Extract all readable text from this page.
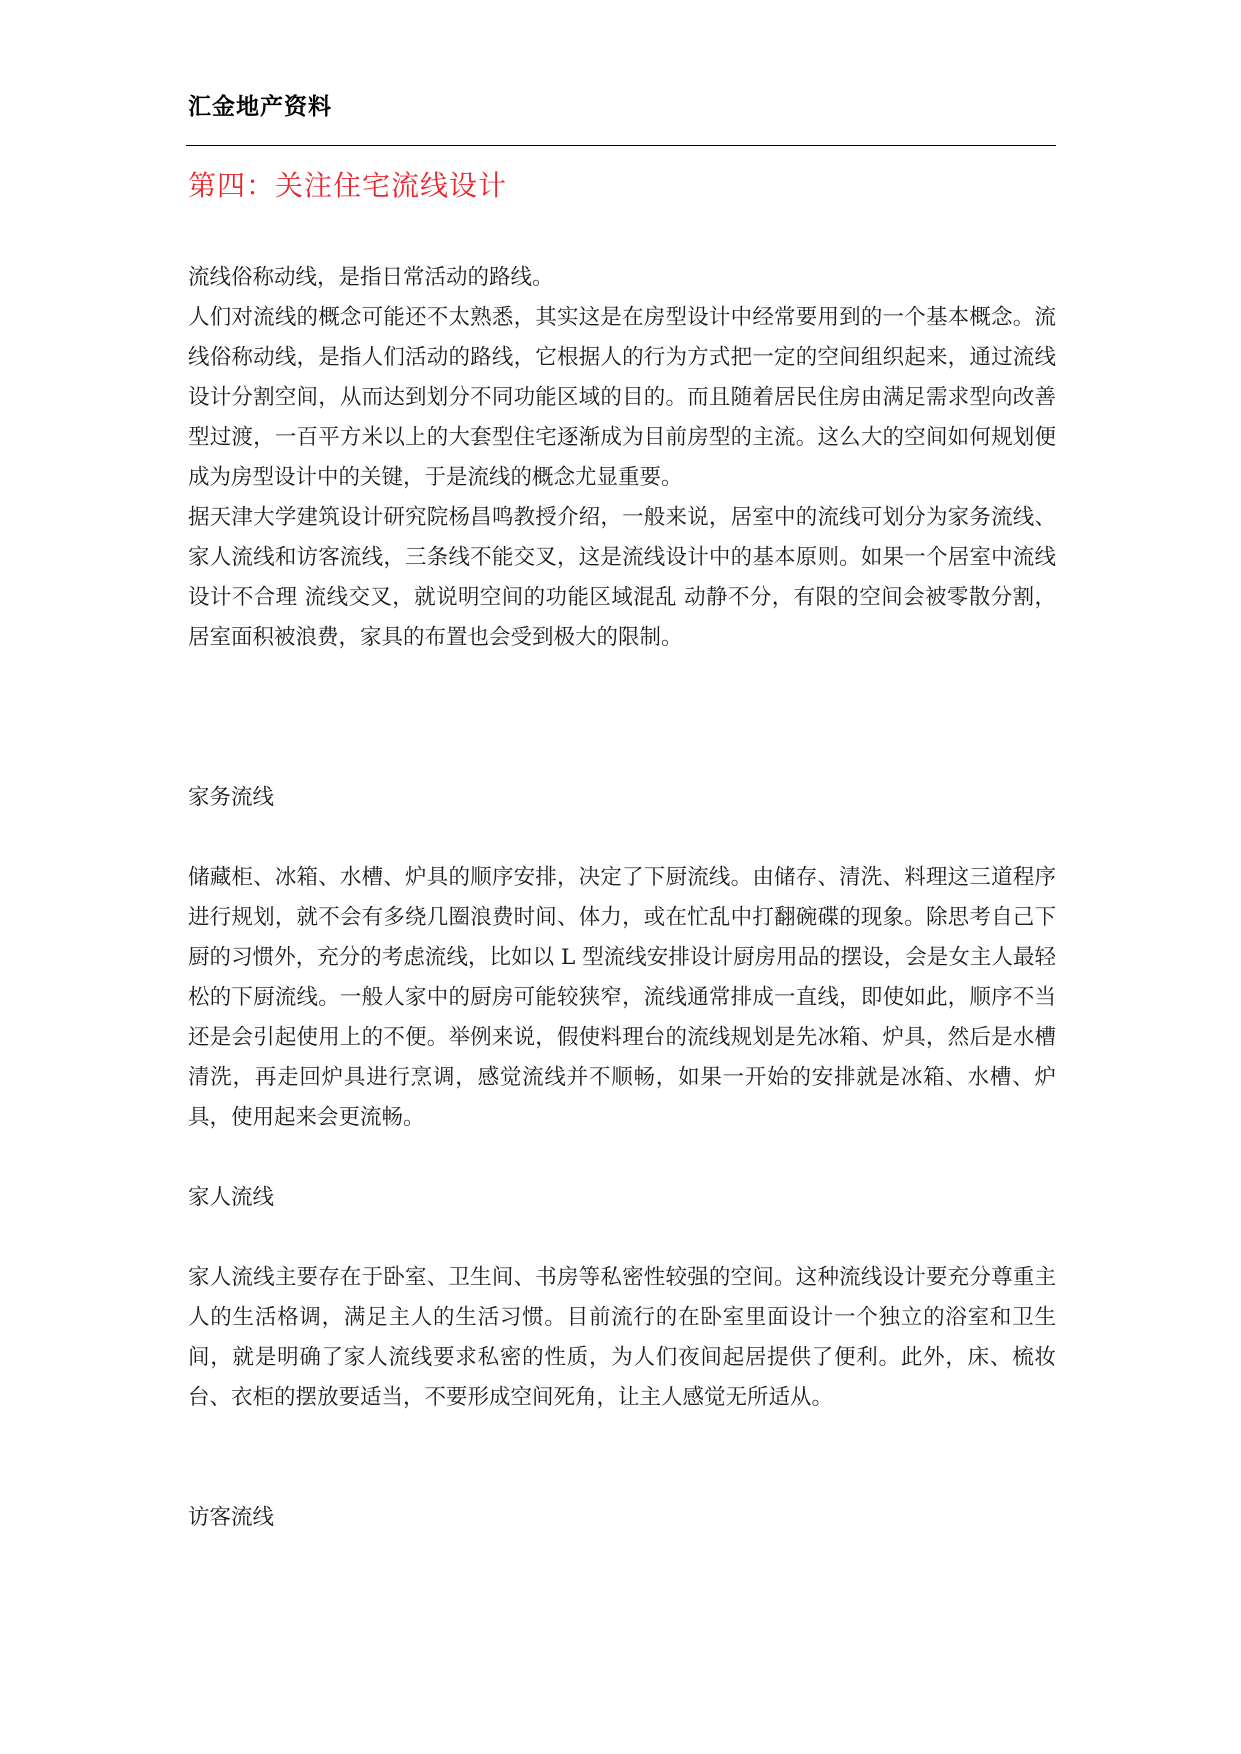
汇金地产资料
第四：关注住宅流线设计

流线俗称动线，是指日常活动的路线。

人们对流线的概念可能还不太熟悉，其实这是在房型设计中经常要用到的一个基本概念。流线俗称动线，是指人们活动的路线，它根据人的行为方式把一定的空间组织起来，通过流线设计分割空间，从而达到划分不同功能区域的目的。而且随着居民住房由满足需求型向改善型过渡，一百平方米以上的大套型住宅逐渐成为目前房型的主流。这么大的空间如何规划便成为房型设计中的关键，于是流线的概念尤显重要。

据天津大学建筑设计研究院杨昌鸣教授介绍，一般来说，居室中的流线可划分为家务流线、家人流线和访客流线，三条线不能交叉，这是流线设计中的基本原则。如果一个居室中流线设计不合理 流线交叉，就说明空间的功能区域混乱 动静不分，有限的空间会被零散分割，居室面积被浪费，家具的布置也会受到极大的限制。

家务流线

储藏柜、冰箱、水槽、炉具的顺序安排，决定了下厨流线。由储存、清洗、料理这三道程序进行规划，就不会有多绕几圈浪费时间、体力，或在忙乱中打翻碗碟的现象。除思考自己下厨的习惯外，充分的考虑流线，比如以 L 型流线安排设计厨房用品的摆设，会是女主人最轻松的下厨流线。一般人家中的厨房可能较狭窄，流线通常排成一直线，即使如此，顺序不当还是会引起使用上的不便。举例来说，假使料理台的流线规划是先冰箱、炉具，然后是水槽清洗，再走回炉具进行烹调，感觉流线并不顺畅，如果一开始的安排就是冰箱、水槽、炉具，使用起来会更流畅。

家人流线

家人流线主要存在于卧室、卫生间、书房等私密性较强的空间。这种流线设计要充分尊重主人的生活格调，满足主人的生活习惯。目前流行的在卧室里面设计一个独立的浴室和卫生间，就是明确了家人流线要求私密的性质，为人们夜间起居提供了便利。此外，床、梳妆台、衣柜的摆放要适当，不要形成空间死角，让主人感觉无所适从。

访客流线
